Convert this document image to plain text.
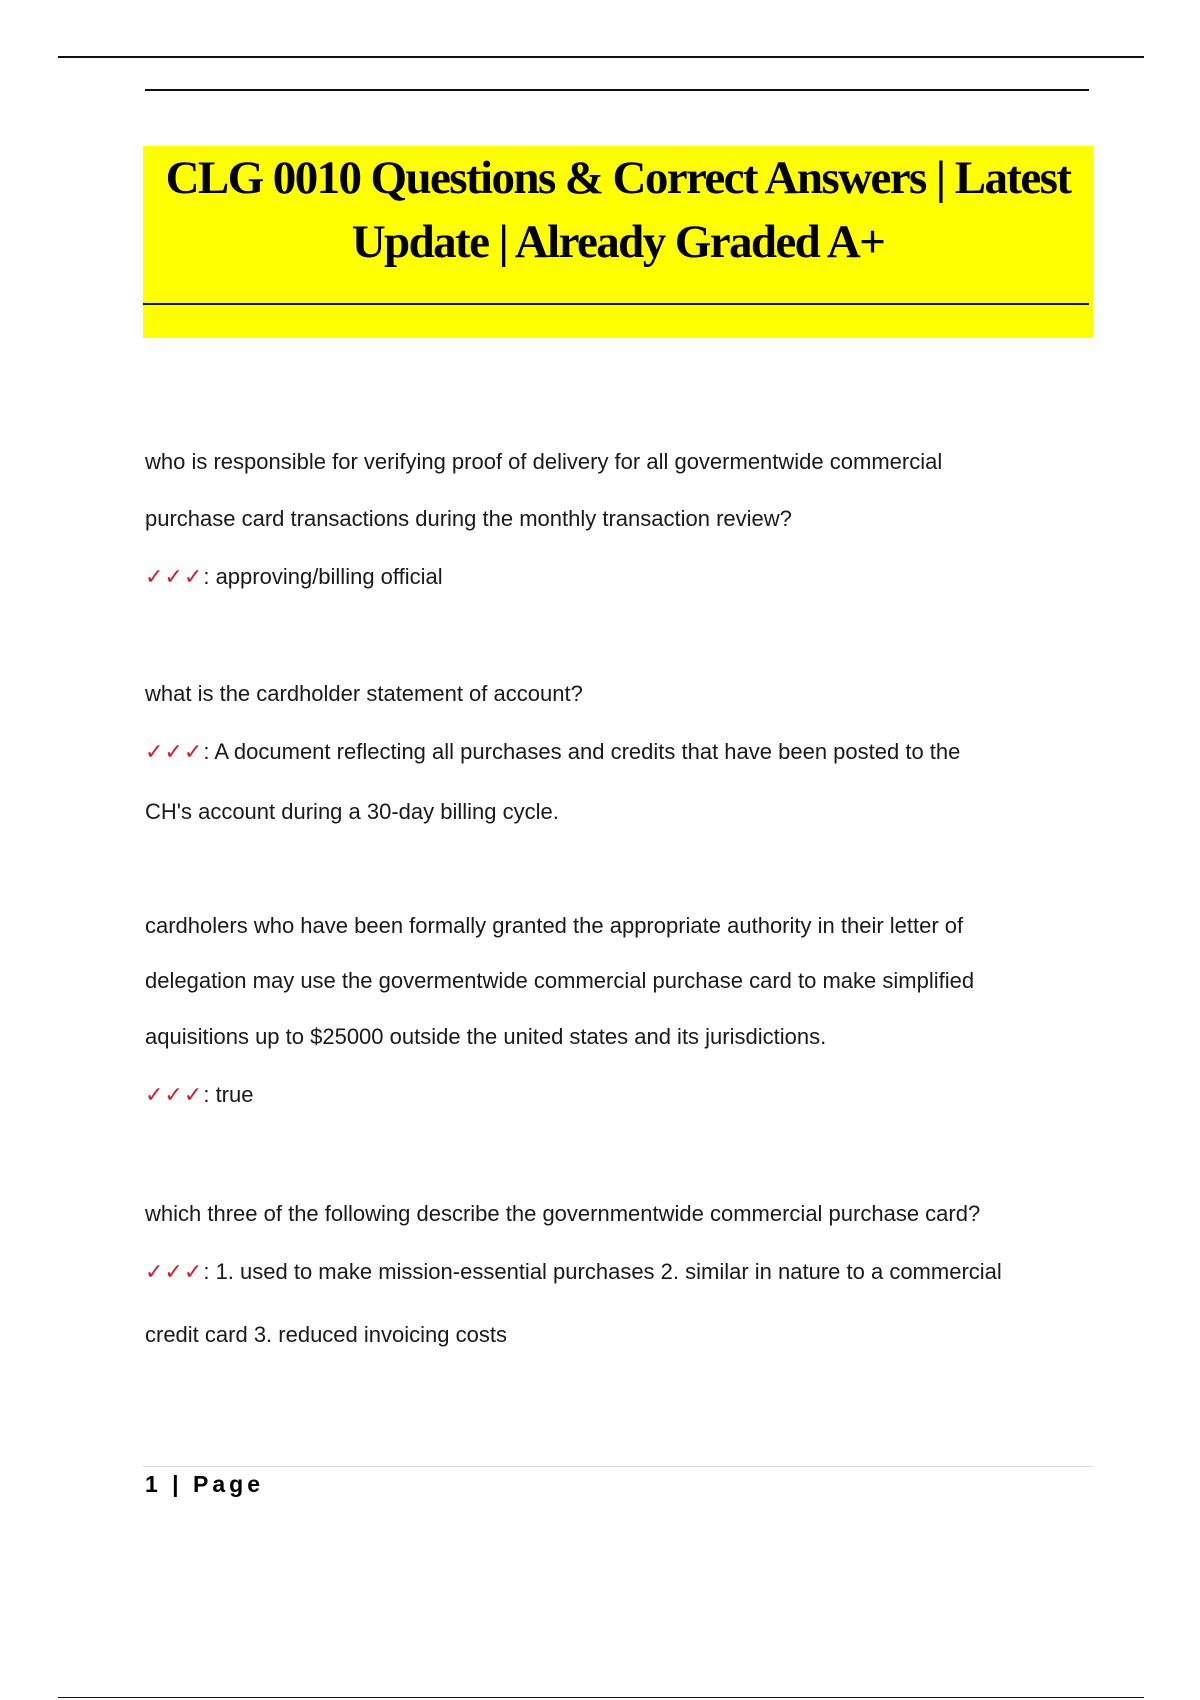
CLG 0010 Questions & Correct Answers | Latest
Update | Already Graded A+

who is responsible for verifying proof of delivery for all govermentwide commercial

purchase card transactions during the monthly transaction review?

✓✓✓: approving/billing official

what is the cardholder statement of account?

✓✓✓: A document reflecting all purchases and credits that have been posted to the

CH's account during a 30-day billing cycle.

cardholers who have been formally granted the appropriate authority in their letter of

delegation may use the govermentwide commercial purchase card to make simplified

aquisitions up to $25000 outside the united states and its jurisdictions.

✓✓✓: true

which three of the following describe the governmentwide commercial purchase card?

✓✓✓: 1. used to make mission-essential purchases 2. similar in nature to a commercial

credit card 3. reduced invoicing costs

1 | Page
